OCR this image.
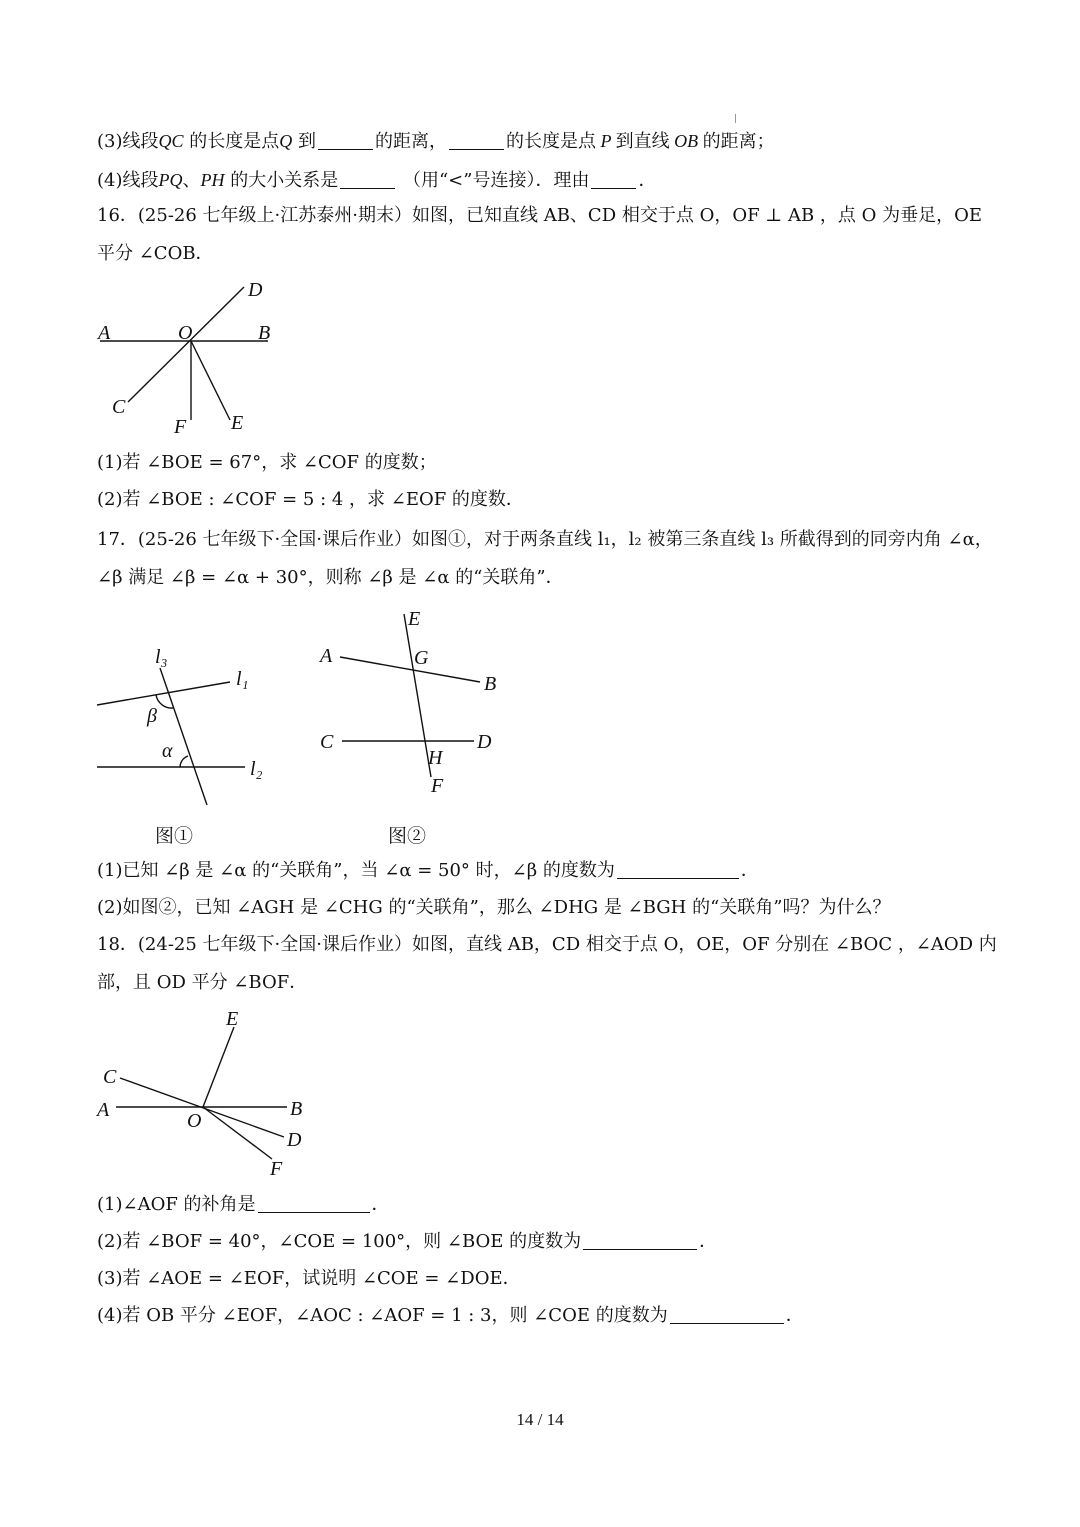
(3)线段QC 的长度是点Q 到	的距离，	的长度是点 P 到直线 OB 的距离；
(4)线段PQ、PH 的大小关系是	（用“<”号连接）．理由	．
16．(25-26 七年级上·江苏泰州·期末）如图，已知直线 AB、CD 相交于点 O，OF ⊥ AB ，点 O 为垂足，OE
平分 ∠COB．
A	O	B
D
C
F E
(1)若 ∠BOE = 67°，求 ∠COF 的度数；
(2)若 ∠BOE : ∠COF = 5 : 4 ，求 ∠EOF 的度数．
17．(25-26 七年级下·全国·课后作业）如图①，对于两条直线 l₁，l₂ 被第三条直线 l₃ 所截得到的同旁内角 ∠α，
∠β 满足 ∠β = ∠α + 30°，则称 ∠β 是 ∠α 的“关联角”．
l₃
l₁
l₂
β
α
E
A	G
B
C
H
D
F
图①	图②
(1)已知 ∠β 是 ∠α 的“关联角”，当 ∠α = 50° 时，∠β 的度数为	．
(2)如图②，已知 ∠AGH 是 ∠CHG 的“关联角”，那么 ∠DHG 是 ∠BGH 的“关联角”吗？为什么？
18．(24-25 七年级下·全国·课后作业）如图，直线 AB，CD 相交于点 O，OE，OF 分别在 ∠BOC ，∠AOD 内
部，且 OD 平分 ∠BOF．
E
C
A	O
B
D
F
(1)∠AOF 的补角是	．
(2)若 ∠BOF = 40°，∠COE = 100°，则 ∠BOE 的度数为	．
(3)若 ∠AOE = ∠EOF，试说明 ∠COE = ∠DOE．
(4)若 OB 平分 ∠EOF，∠AOC : ∠AOF = 1 : 3，则 ∠COE 的度数为	．
14 / 14
